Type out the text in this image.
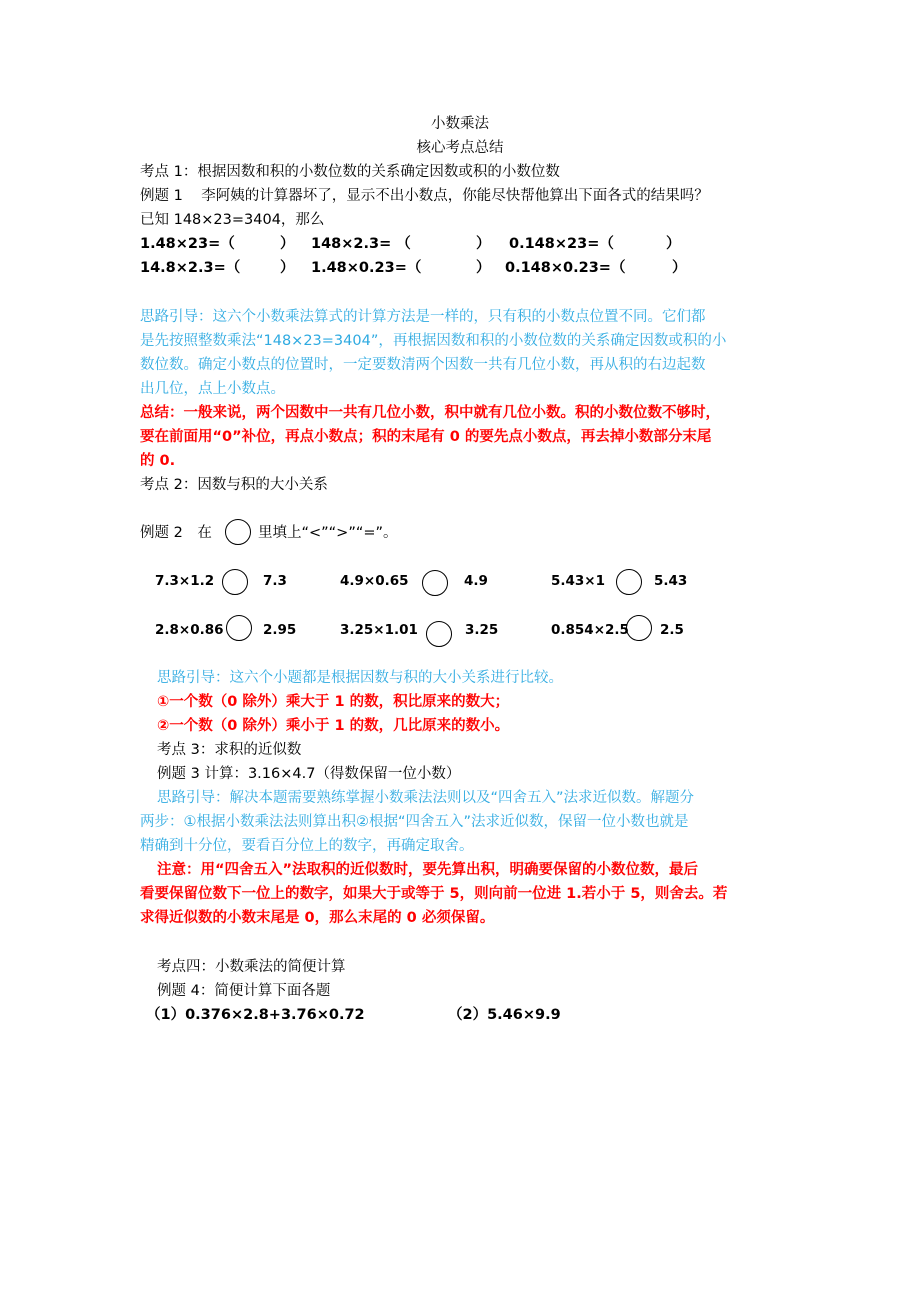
小数乘法

核心考点总结

考点 1：根据因数和积的小数位数的关系确定因数或积的小数位数

例题 1 李阿姨的计算器坏了，显示不出小数点，你能尽快帮他算出下面各式的结果吗？

已知 148×23=3404，那么

1.48×23=（	） 148×2.3= （	） 0.148×23=（	）
14.8×2.3=（	） 1.48×0.23=（	） 0.148×0.23=（	）

思路引导：这六个小数乘法算式的计算方法是一样的，只有积的小数点位置不同。它们都

是先按照整数乘法“148×23=3404”，再根据因数和积的小数位数的关系确定因数或积的小

数位数。确定小数点的位置时，一定要数清两个因数一共有几位小数，再从积的右边起数

出几位，点上小数点。

总结：一般来说，两个因数中一共有几位小数，积中就有几位小数。积的小数位数不够时，

要在前面用“0”补位，再点小数点；积的末尾有 0 的要先点小数点，再去掉小数部分末尾

的 0.

考点 2：因数与积的大小关系

例题 2　在	里填上“<”“>”“=”。
7.3×1.2	7.3	4.9×0.65	4.9	5.43×1	5.43
2.8×0.86	2.95	3.25×1.01	3.25	0.854×2.5 2.5

思路引导：这六个小题都是根据因数与积的大小关系进行比较。

①一个数（0 除外）乘大于 1 的数，积比原来的数大；

②一个数（0 除外）乘小于 1 的数，几比原来的数小。

考点 3：求积的近似数

例题 3 计算：3.16×4.7（得数保留一位小数）

思路引导：解决本题需要熟练掌握小数乘法法则以及“四舍五入”法求近似数。解题分

两步：①根据小数乘法法则算出积②根据“四舍五入”法求近似数，保留一位小数也就是

精确到十分位，要看百分位上的数字，再确定取舍。

注意：用“四舍五入”法取积的近似数时，要先算出积，明确要保留的小数位数，最后

看要保留位数下一位上的数字，如果大于或等于 5，则向前一位进 1.若小于 5，则舍去。若

求得近似数的小数末尾是 0，那么末尾的 0 必须保留。

考点四：小数乘法的简便计算

例题 4：简便计算下面各题

（1）0.376×2.8+3.76×0.72	（2）5.46×9.9
